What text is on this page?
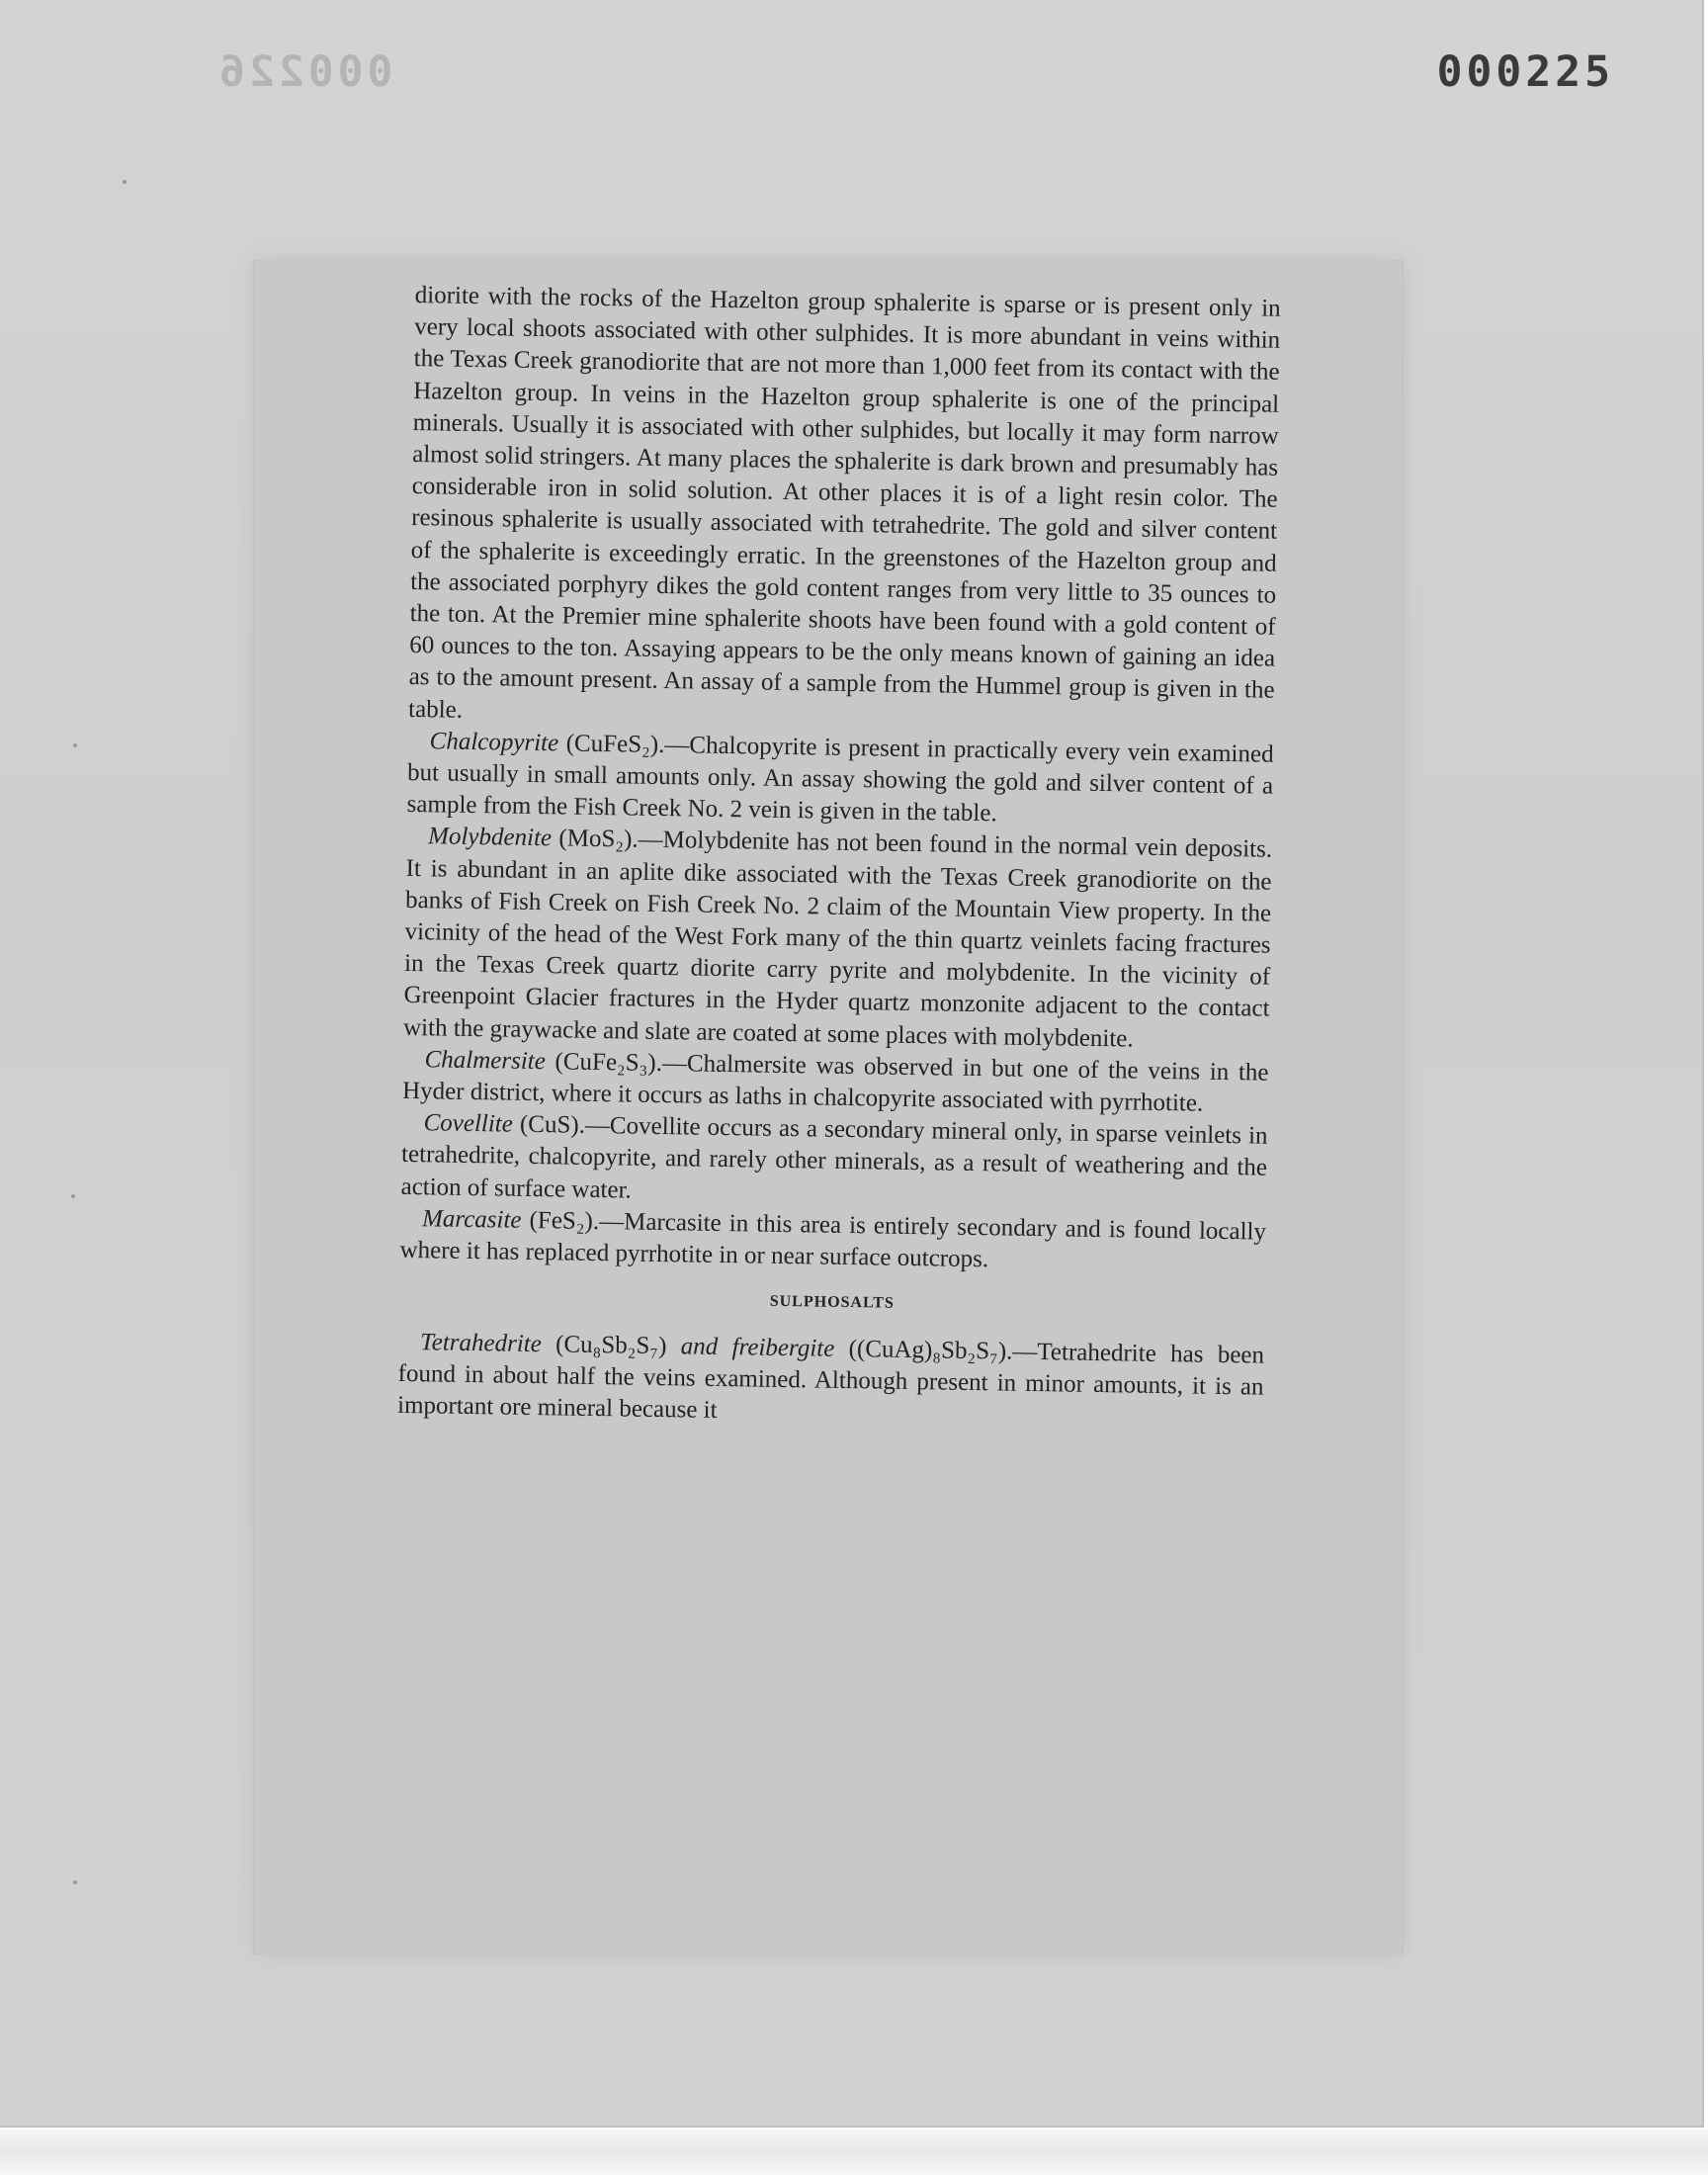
000225
000226

diorite with the rocks of the Hazelton group sphalerite is sparse or is present only in very local shoots associated with other sulphides. It is more abundant in veins within the Texas Creek granodiorite that are not more than 1,000 feet from its contact with the Hazelton group. In veins in the Hazelton group sphalerite is one of the principal minerals. Usually it is associated with other sulphides, but locally it may form narrow almost solid stringers. At many places the sphalerite is dark brown and presumably has considerable iron in solid solution. At other places it is of a light resin color. The resinous sphalerite is usually associated with tetrahedrite. The gold and silver content of the sphalerite is exceedingly erratic. In the greenstones of the Hazelton group and the associated porphyry dikes the gold content ranges from very little to 35 ounces to the ton. At the Premier mine sphalerite shoots have been found with a gold content of 60 ounces to the ton. Assaying appears to be the only means known of gaining an idea as to the amount present. An assay of a sample from the Hummel group is given in the table.

Chalcopyrite (CuFeS₂).—Chalcopyrite is present in practically every vein examined but usually in small amounts only. An assay showing the gold and silver content of a sample from the Fish Creek No. 2 vein is given in the table.

Molybdenite (MoS₂).—Molybdenite has not been found in the normal vein deposits. It is abundant in an aplite dike associated with the Texas Creek granodiorite on the banks of Fish Creek on Fish Creek No. 2 claim of the Mountain View property. In the vicinity of the head of the West Fork many of the thin quartz veinlets facing fractures in the Texas Creek quartz diorite carry pyrite and molybdenite. In the vicinity of Greenpoint Glacier fractures in the Hyder quartz monzonite adjacent to the contact with the graywacke and slate are coated at some places with molybdenite.

Chalmersite (CuFe₂S₃).—Chalmersite was observed in but one of the veins in the Hyder district, where it occurs as laths in chalcopyrite associated with pyrrhotite.

Covellite (CuS).—Covellite occurs as a secondary mineral only, in sparse veinlets in tetrahedrite, chalcopyrite, and rarely other minerals, as a result of weathering and the action of surface water.

Marcasite (FeS₂).—Marcasite in this area is entirely secondary and is found locally where it has replaced pyrrhotite in or near surface outcrops.

SULPHOSALTS

Tetrahedrite (Cu₈Sb₂S₇) and freibergite ((CuAg)₈Sb₂S₇).—Tetrahedrite has been found in about half the veins examined. Although present in minor amounts, it is an important ore mineral because it
